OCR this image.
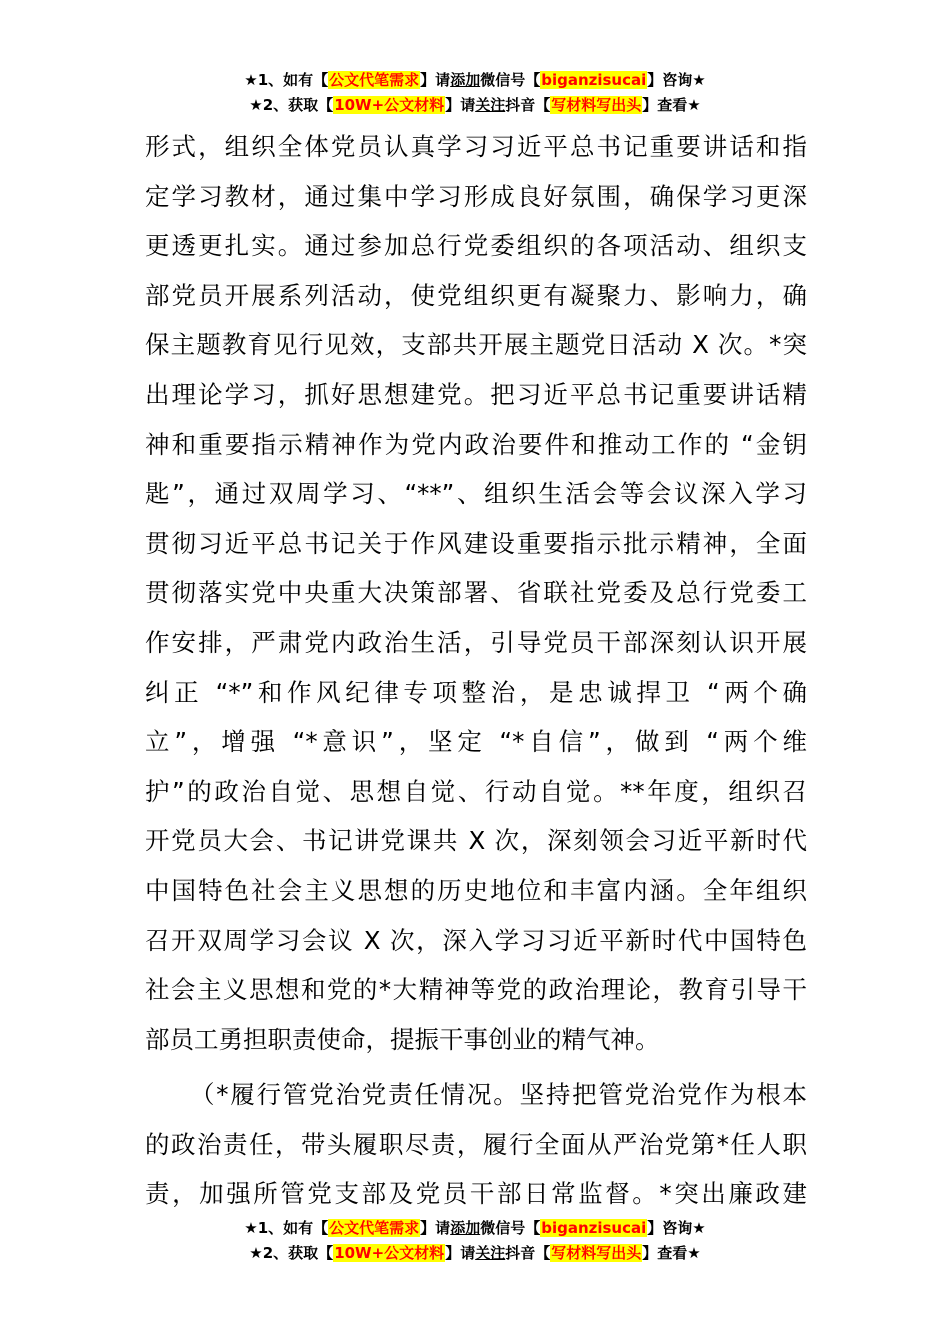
★1、如有【公文代笔需求】请添加微信号【biganzisucai】咨询★
★2、获取【10W+公文材料】请关注抖音【写材料写出头】查看★
形式，组织全体党员认真学习习近平总书记重要讲话和指
定学习教材，通过集中学习形成良好氛围，确保学习更深
更透更扎实。通过参加总行党委组织的各项活动、组织支
部党员开展系列活动，使党组织更有凝聚力、影响力，确
保主题教育见行见效，支部共开展主题党日活动 X 次。*突
出理论学习，抓好思想建党。把习近平总书记重要讲话精
神和重要指示精神作为党内政治要件和推动工作的 “金钥
匙”，通过双周学习、“**”、组织生活会等会议深入学习
贯彻习近平总书记关于作风建设重要指示批示精神，全面
贯彻落实党中央重大决策部署、省联社党委及总行党委工
作安排，严肃党内政治生活，引导党员干部深刻认识开展
纠正 “*”和作风纪律专项整治，是忠诚捍卫 “两个确
立”，增强 “*意识”，坚定 “*自信”，做到 “两个维
护”的政治自觉、思想自觉、行动自觉。**年度，组织召
开党员大会、书记讲党课共 X 次，深刻领会习近平新时代
中国特色社会主义思想的历史地位和丰富内涵。全年组织
召开双周学习会议 X 次，深入学习习近平新时代中国特色
社会主义思想和党的*大精神等党的政治理论，教育引导干
部员工勇担职责使命，提振干事创业的精气神。
（*履行管党治党责任情况。坚持把管党治党作为根本
的政治责任，带头履职尽责，履行全面从严治党第*任人职
责，加强所管党支部及党员干部日常监督。*突出廉政建
★1、如有【公文代笔需求】请添加微信号【biganzisucai】咨询★
★2、获取【10W+公文材料】请关注抖音【写材料写出头】查看★
